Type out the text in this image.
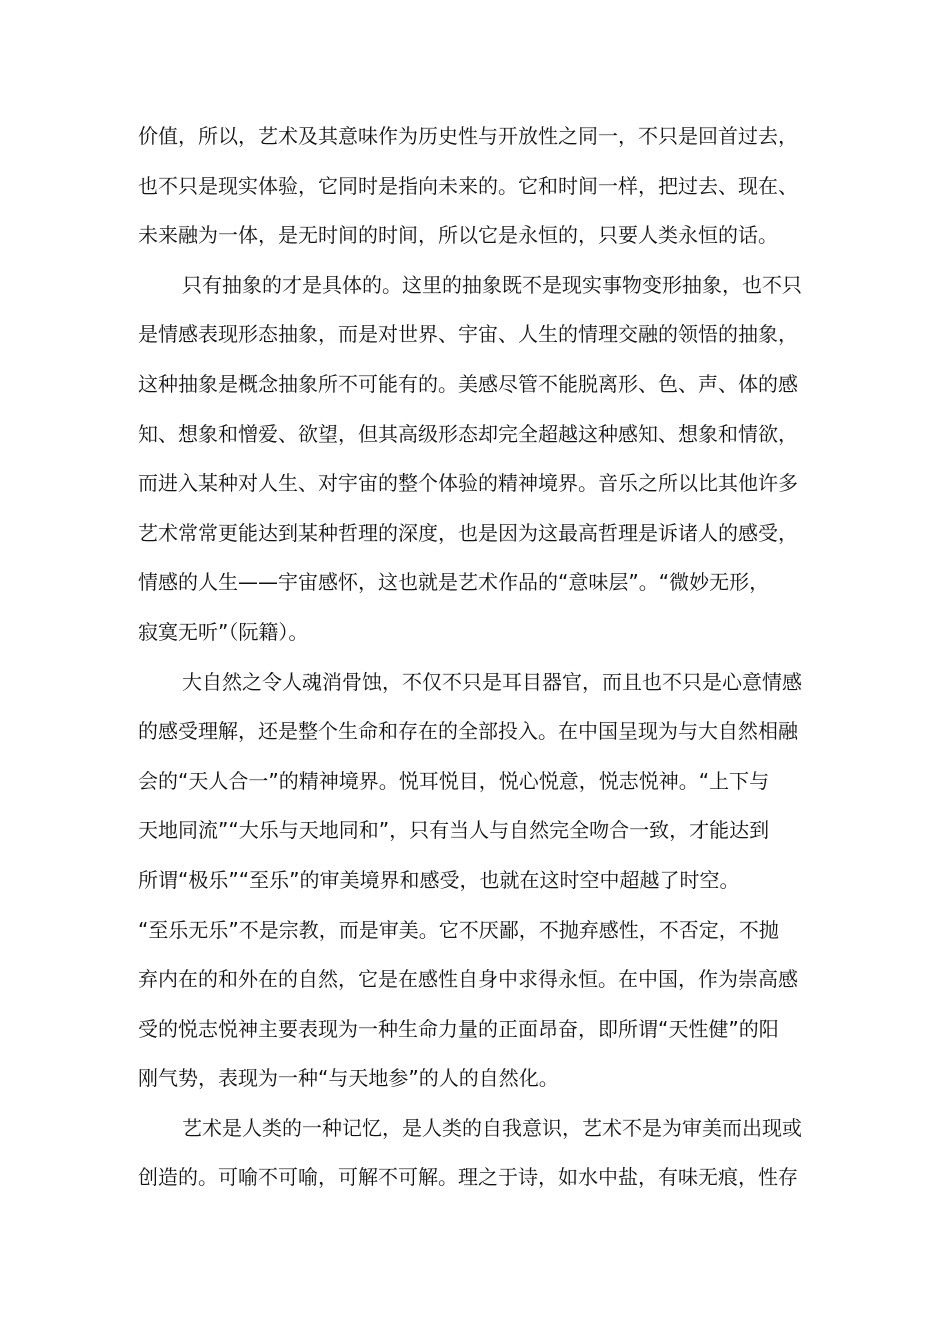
价值，所以，艺术及其意味作为历史性与开放性之同一，不只是回首过去，
也不只是现实体验，它同时是指向未来的。它和时间一样，把过去、现在、
未来融为一体，是无时间的时间，所以它是永恒的，只要人类永恒的话。
只有抽象的才是具体的。这里的抽象既不是现实事物变形抽象，也不只
是情感表现形态抽象，而是对世界、宇宙、人生的情理交融的领悟的抽象，
这种抽象是概念抽象所不可能有的。美感尽管不能脱离形、色、声、体的感
知、想象和憎爱、欲望，但其高级形态却完全超越这种感知、想象和情欲，
而进入某种对人生、对宇宙的整个体验的精神境界。音乐之所以比其他许多
艺术常常更能达到某种哲理的深度，也是因为这最高哲理是诉诸人的感受，
情感的人生——宇宙感怀，这也就是艺术作品的“意味层”。“微妙无形，
寂寞无听”（阮籍）。
大自然之令人魂消骨蚀，不仅不只是耳目器官，而且也不只是心意情感
的感受理解，还是整个生命和存在的全部投入。在中国呈现为与大自然相融
会的“天人合一”的精神境界。悦耳悦目，悦心悦意，悦志悦神。“上下与
天地同流”“大乐与天地同和”，只有当人与自然完全吻合一致，才能达到
所谓“极乐”“至乐”的审美境界和感受，也就在这时空中超越了时空。
“至乐无乐”不是宗教，而是审美。它不厌鄙，不抛弃感性，不否定，不抛
弃内在的和外在的自然，它是在感性自身中求得永恒。在中国，作为崇高感
受的悦志悦神主要表现为一种生命力量的正面昂奋，即所谓“天性健”的阳
刚气势，表现为一种“与天地参”的人的自然化。
艺术是人类的一种记忆，是人类的自我意识，艺术不是为审美而出现或
创造的。可喻不可喻，可解不可解。理之于诗，如水中盐，有味无痕，性存
